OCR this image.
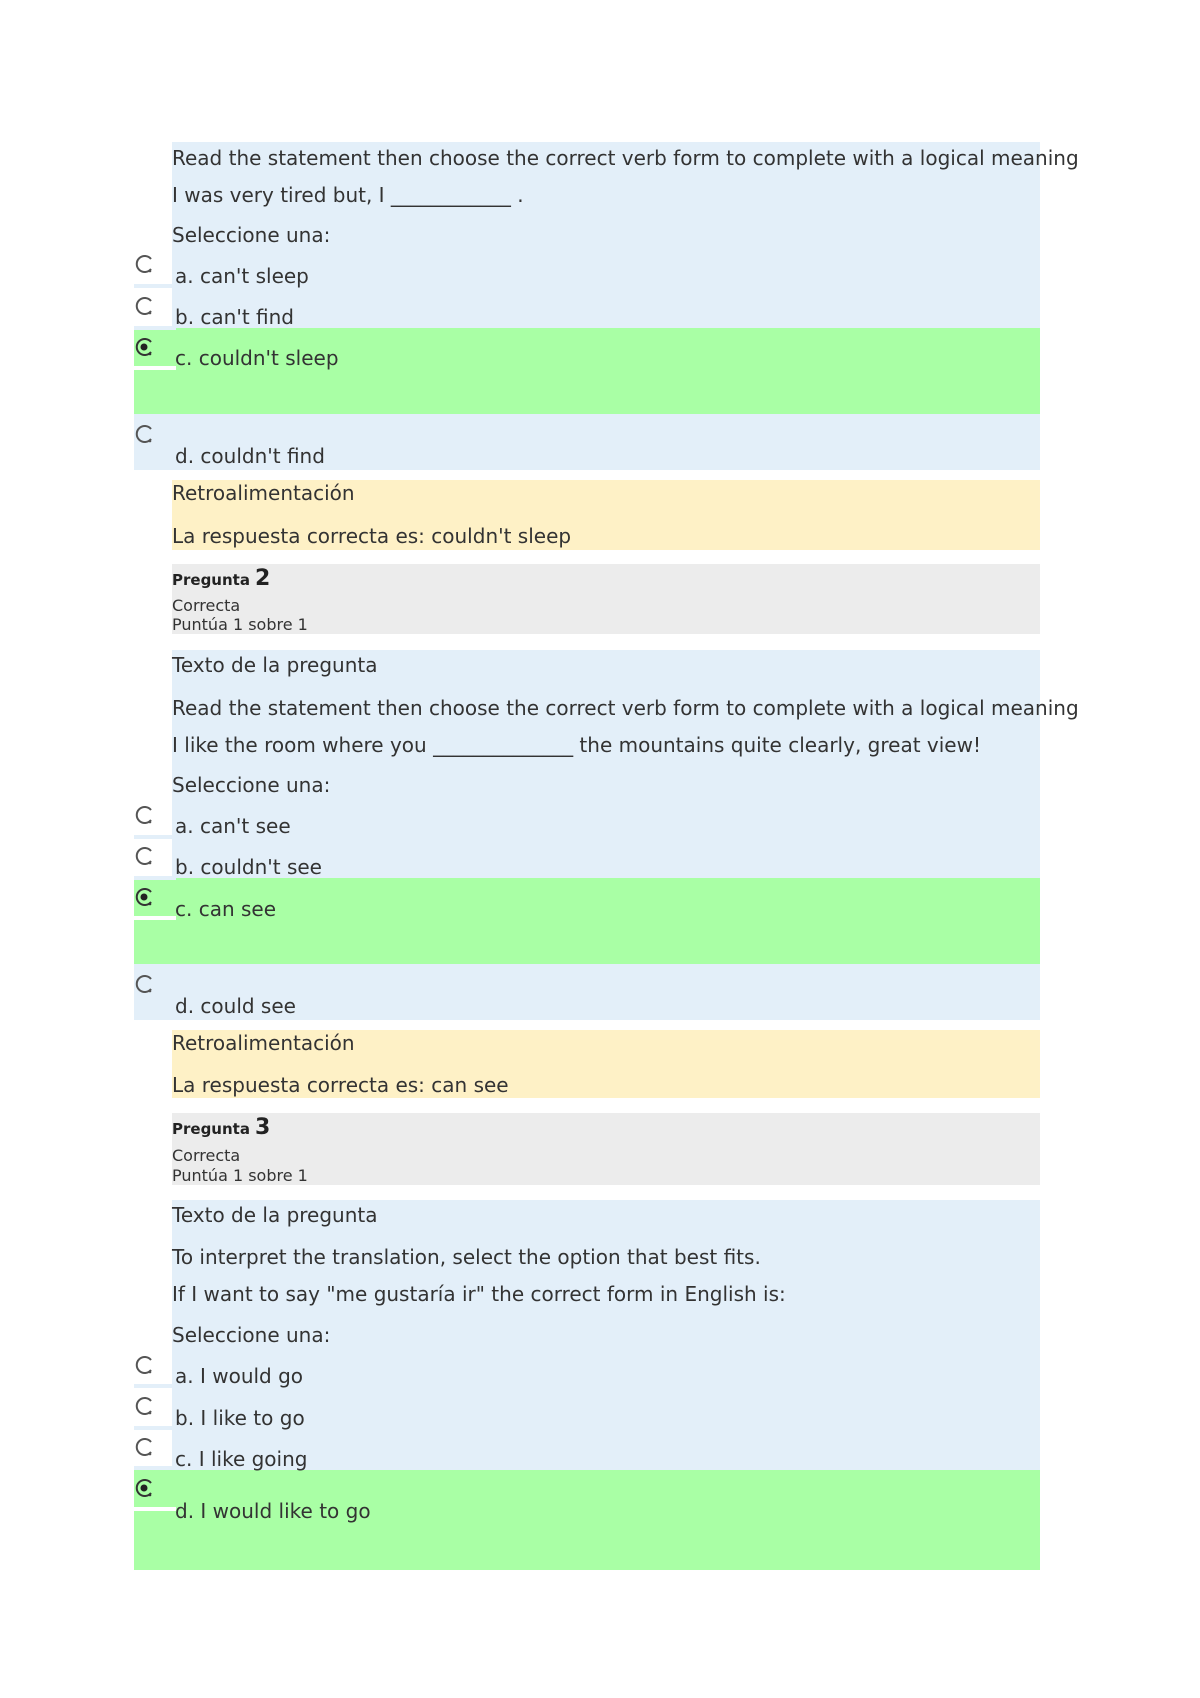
Read the statement then choose the correct verb form to complete with a logical meaning
I was very tired but, I ____________ .
Seleccione una:
a. can't sleep
b. can't find
c. couldn't sleep
d. couldn't find
Retroalimentación
La respuesta correcta es: couldn't sleep
Pregunta 2
Correcta
Puntúa 1 sobre 1
Texto de la pregunta
Read the statement then choose the correct verb form to complete with a logical meaning
I like the room where you ______________ the mountains quite clearly, great view!
Seleccione una:
a. can't see
b. couldn't see
c. can see
d. could see
Retroalimentación
La respuesta correcta es: can see
Pregunta 3
Correcta
Puntúa 1 sobre 1
Texto de la pregunta
To interpret the translation, select the option that best fits.
If I want to say "me gustaría ir" the correct form in English is:
Seleccione una:
a. I would go
b. I like to go
c. I like going
d. I would like to go
